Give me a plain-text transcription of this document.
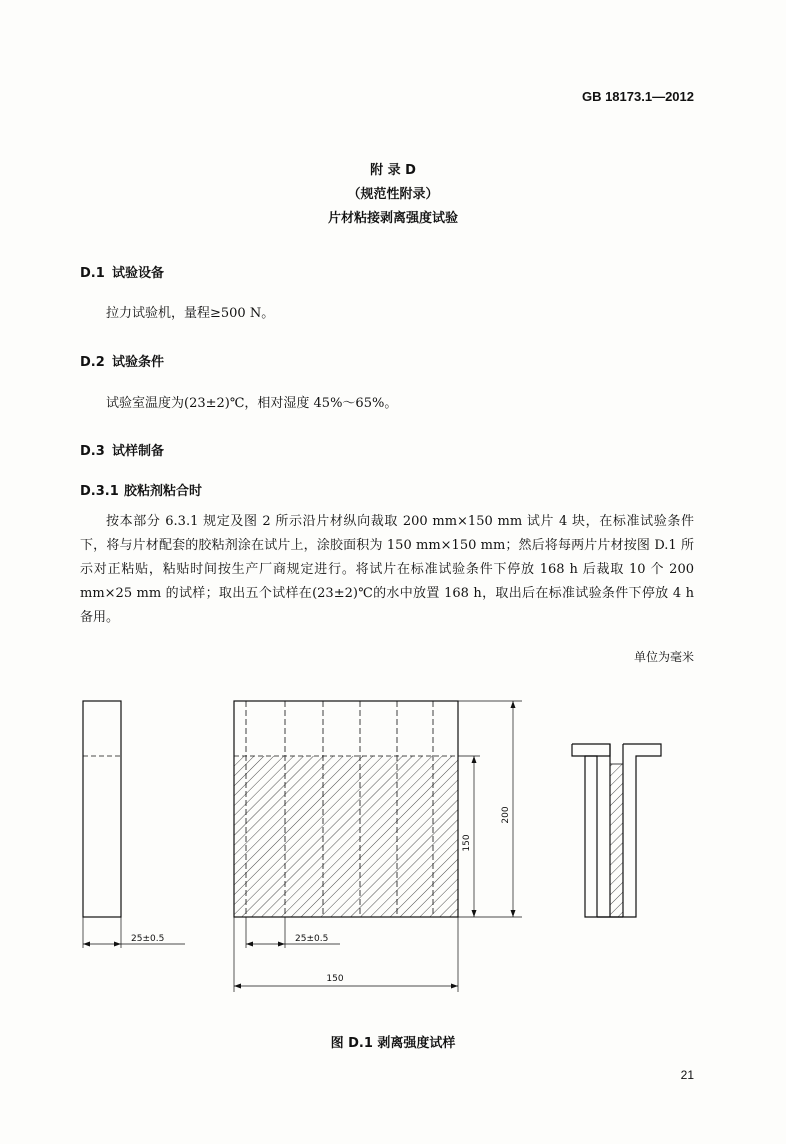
GB 18173.1—2012
附 录 D
（规范性附录）
片材粘接剥离强度试验
D.1 试验设备
拉力试验机，量程≥500 N。
D.2 试验条件
试验室温度为(23±2)℃，相对湿度 45%～65%。
D.3 试样制备
D.3.1 胶粘剂粘合时
按本部分 6.3.1 规定及图 2 所示沿片材纵向裁取 200 mm×150 mm 试片 4 块，在标准试验条件下，将与片材配套的胶粘剂涂在试片上，涂胶面积为 150 mm×150 mm；然后将每两片片材按图 D.1 所示对正粘贴，粘贴时间按生产厂商规定进行。将试片在标准试验条件下停放 168 h 后裁取 10 个 200 mm×25 mm 的试样；取出五个试样在(23±2)℃的水中放置 168 h，取出后在标准试验条件下停放 4 h 备用。
单位为毫米
25±0.5
150
200
25±0.5
150
图 D.1 剥离强度试样
21
